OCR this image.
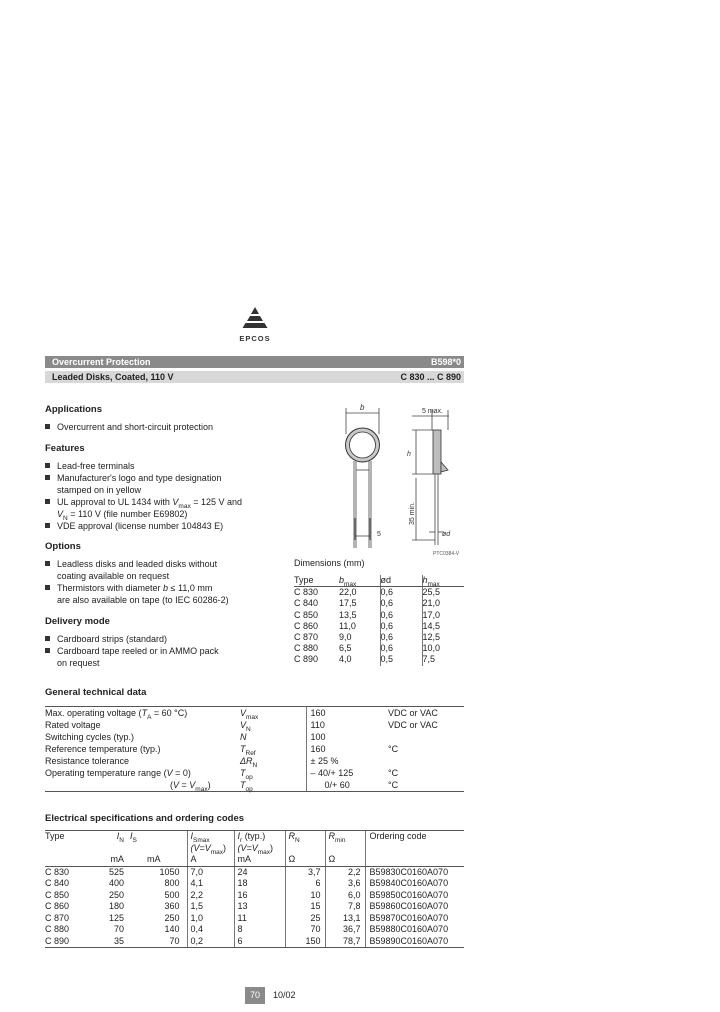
EPCOS
Overcurrent Protection	B598*0
Leaded Disks, Coated, 110 V	C 830 ... C 890
Applications
Overcurrent and short-circuit protection
Features
Lead-free terminals
Manufacturer's logo and type designation
stamped on in yellow
UL approval to UL 1434 with $V_{max} = 125$ V and
$V_N = 110$ V (file number E69802)
VDE approval (license number 104843 E)
Options
Leadless disks and leaded disks without
coating available on request
Thermistors with diameter b ≤ 11,0 mm
are also available on tape (to IEC 60286-2)
Delivery mode
Cardboard strips (standard)
Cardboard tape reeled or in AMMO pack
on request
b	5 max.
h
35 min.
ød
5
PTC0384-V
Dimensions (mm)
Type	$b_{max}$	ød	$h_{max}$
C 830	22,0	0,6	25,5
C 840	17,5	0,6	21,0
C 850	13,5	0,6	17,0
C 860	11,0	0,6	14,5
C 870	9,0	0,6	12,5
C 880	6,5	0,6	10,0
C 890	4,0	0,5	7,5
General technical data
Max. operating voltage ($T_A = 60$ °C)	$V_{max}$	160	VDC or VAC
Rated voltage	$V_N$	110	VDC or VAC
Switching cycles (typ.)	N	100	
Reference temperature (typ.)	$T_{Ref}$	160	°C
Resistance tolerance	$\Delta R_N$	± 25 %	
Operating temperature range (V = 0)	$T_{op}$	– 40/+ 125	°C
$(V = V_{max})$	$T_{op}$	0/+ 60	°C
Electrical specifications and ordering codes
Type	$I_N$	$I_S$	$I_{Smax}$	$I_r$ (typ.)	$R_N$	$R_{min}$	Ordering code
			$(V=V_{max})$	$(V=V_{max})$			
	mA	mA	A	mA	Ω	Ω	
C 830	525	1050	7,0	24	3,7	2,2	B59830C0160A070
C 840	400	800	4,1	18	6	3,6	B59840C0160A070
C 850	250	500	2,2	16	10	6,0	B59850C0160A070
C 860	180	360	1,5	13	15	7,8	B59860C0160A070
C 870	125	250	1,0	11	25	13,1	B59870C0160A070
C 880	70	140	0,4	8	70	36,7	B59880C0160A070
C 890	35	70	0,2	6	150	78,7	B59890C0160A070
70	10/02
